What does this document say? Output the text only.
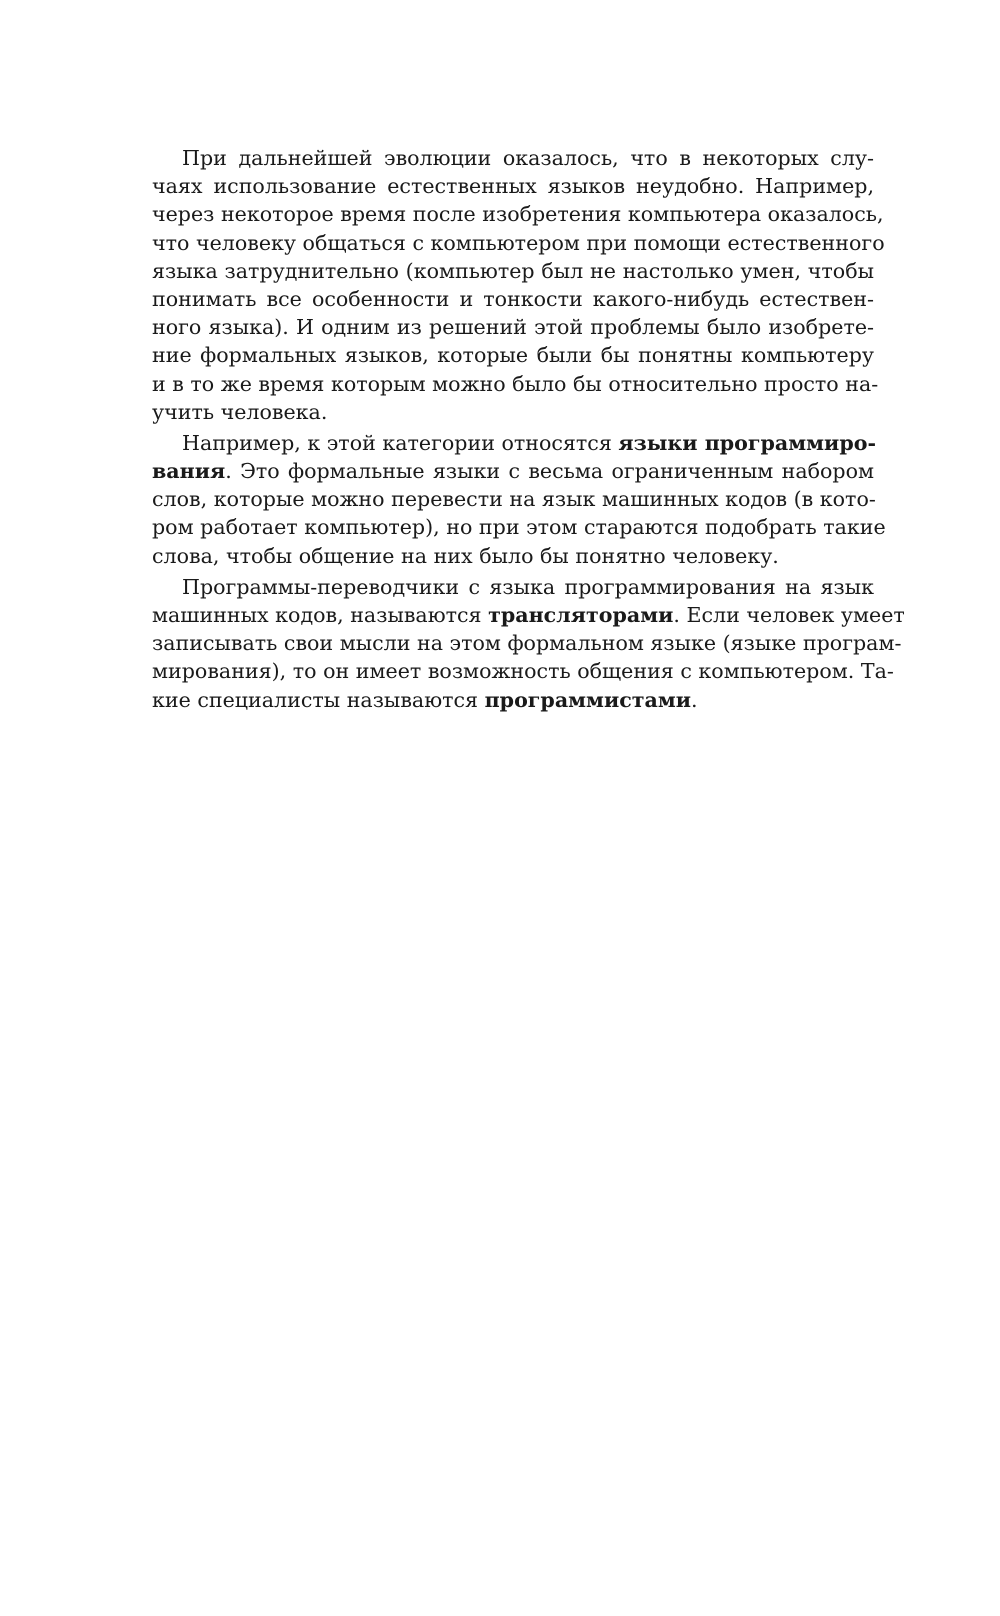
При дальнейшей эволюции оказалось, что в некоторых слу-
чаях использование естественных языков неудобно. Например,
через некоторое время после изобретения компьютера оказалось,
что человеку общаться с компьютером при помощи естественного
языка затруднительно (компьютер был не настолько умен, чтобы
понимать все особенности и тонкости какого-нибудь естествен-
ного языка). И одним из решений этой проблемы было изобрете-
ние формальных языков, которые были бы понятны компьютеру
и в то же время которым можно было бы относительно просто на-
учить человека.
Например, к этой категории относятся языки программиро-
вания. Это формальные языки с весьма ограниченным набором
слов, которые можно перевести на язык машинных кодов (в кото-
ром работает компьютер), но при этом стараются подобрать такие
слова, чтобы общение на них было бы понятно человеку.
Программы-переводчики с языка программирования на язык
машинных кодов, называются трансляторами. Если человек умеет
записывать свои мысли на этом формальном языке (языке програм-
мирования), то он имеет возможность общения с компьютером. Та-
кие специалисты называются программистами.
